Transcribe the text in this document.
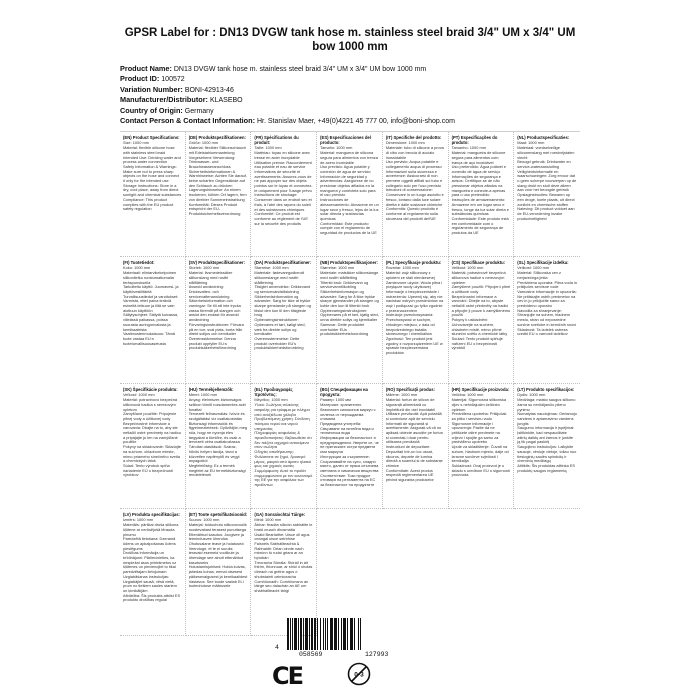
GPSR Label for : DN13 DVGW tank hose m. stainless steel braid 3/4" UM x 3/4" UM bow 1000 mm
Product Name: DN13 DVGW tank hose m. stainless steel braid 3/4" UM x 3/4" UM bow 1000 mm
Product ID: 100572
Variation Number: BONI-42913-46
Manufacturer/Distributor: KLASEBO
Country of Origin: Germany
Contact Person & Contact Information: Hr. Stanislav Maer, +49(0)4221 45 777 00, info@boni-shop.com
(EN) Product Specifications:
Size: 1000 mm
Material: flexible silicone hose with stainless steel braid
Intended Use: Drinking water and process water connection
Safety Information & Warnings: Make sure not to press sharp objects on the hose and connect it only for the intended use
Storage Instructions: Store in a dry, cool place, away from direct sunlight and chemical substances
Compliance: This product complies with the EU product safety regulation
(DE) Produktspezifikationen:
Größe: 1000 mm
Material: flexibler Silikonschlauch mit Edelstahlummantelung
Vorgesehene Verwendung: Trinkwasser- und Brauchwasseranschluss
Sicherheitsinformationen & Warnhinweise: Achten Sie darauf, keine scharfen Gegenstände auf den Schlauch zu drücken
Lagerungshinweise: An einem trockenen, kühlen Ort lagern, fern von direkter Sonneneinstrahlung
Konformität: Dieses Produkt entspricht der EU-Produktsicherheitsverordnung
(FR) Spécifications du produit:
Taille: 1000 mm
Matériau: tuyau en silicone avec tresse en acier inoxydable
Utilisation prévue: Raccordement eau potable et eau de service
Informations de sécurité et avertissements: Assurez-vous de ne pas appuyer sur des objets pointus sur le tuyau et connectez-le uniquement pour l'usage prévu
Instructions de stockage: Conserver dans un endroit sec et frais, à l'abri des rayons du soleil et des substances chimiques
Conformité: Ce produit est conforme au règlement de l'UE sur la sécurité des produits
(ES) Especificaciones del producto:
Tamaño: 1000 mm
Material: manguera de silicona segura para alimentos con trenza de acero inoxidable
Uso previsto: Agua potable y conexión de agua de servicio
Información de seguridad y advertencias: Asegúrese de no presionar objetos afilados en la manguera y conéctela solo para el uso previsto
Instrucciones de almacenamiento: Almacene en un lugar seco y fresco, lejos de la luz solar directa y sustancias químicas
Conformidad: Este producto cumple con el reglamento de seguridad de productos de la UE
(IT) Specifiche del prodotto:
Dimensione: 1000 mm
Materiale: tubo di silicone a prova di cibo con treccia di acciaio inossidabile
Uso previsto: Acqua potabile e collegamento acqua di processo
Informazioni sulla sicurezza e avvertenze: Assicurarsi di non premere oggetti affilati sul tubo e collegarlo solo per l'uso previsto
Istruzioni di conservazione: Conservare in un luogo asciutto e fresco, lontano dalla luce solare diretta e dalle sostanze chimiche
Conformità: Questo prodotto è conforme al regolamento sulla sicurezza dei prodotti dell'UE
(PT) Especificações do produto:
Tamanho: 1000 mm
Material: mangueira de silicone segura para alimentos com trança de aço inoxidável
Uso pretendido: Água potável e conexão de água de serviço
Informações de segurança e avisos: Certifique-se de não pressionar objetos afiados na mangueira e conecte-a apenas para o uso pretendido
Instruções de armazenamento: Armazene em um lugar seco e fresco, longe da luz solar direta e substâncias químicas
Conformidade: Este produto está em conformidade com o regulamento de segurança de produtos da UE
(NL) Productspecificaties:
Maat: 1000 mm
Materiaal: voedselveilige siliconenslang met roestvrijstalen vlecht
Beoogd gebruik: Drinkwater en service-wateraansluiting
Veiligheidsinformatie en waarschuwingen: Zorg ervoor dat u geen scherpe voorwerpen op de slang drukt en sluit deze alleen aan voor het beoogde gebruik
Opslaginstructies: Bewaren op een droge, koele plaats, uit direct zonlicht en chemische stoffen
Naleving: Dit product voldoet aan de EU-verordening inzake productveiligheid
(FI) Tuotetiedot:
Koko: 1000 mm
Materiaali: elintarvikekelpoinen silikoniletku ruostumattomalla teräspunoksella
Tarkoitettu käyttö: Juomavesi- ja käyttövesiliitäntä
Turvallisuustiedot ja varoitukset: Varmista, ettet paina teräviä esineitä letkuun ja liitä se vain aiottuun käyttöön
Säilytysohjeet: Säilytä kuivassa, viileässä paikassa, poissa suorasta auringonvalosta ja kemikaaleista
Vaatimustenmukaisuus: Tämä tuote vastaa EU:n tuoteturvallisuusasetusta
(SV) Produktspecifikationer:
Storlek: 1000 mm
Material: livsmedelssäker silikonslang med rostfri stålflätning
Avsedd användning: Dricksvatten- och servicevattenanslutning
Säkerhetsinformation och varningar: Se till att inte trycka vassa föremål på slangen och anslut den endast för avsedd användning
Förvaringsinstruktioner: Förvara på en torr, sval plats, borta från direkt solljus och kemikalier
Överensstämmelse: Denna produkt uppfyller EU:s produktsäkerhetsförordning
(DA) Produktspecifikationer:
Størrelse: 1000 mm
Materiale: fødevaregodkendt silikoneslange med rustfri stålfletning
Tilsigtet anvendelse: Drikkevand og servicevandstilslutning
Sikkerhedsinformation og advarsler: Sørg for ikke at trykke skarpe genstande på slangen og tilslut den kun til den tilsigtede brug
Opbevaringsinstruktioner: Opbevares et tørt, køligt sted, væk fra direkte sollys og kemikalier
Overensstemmelse: Dette produkt overholder EU's produktsikkerhedsforordning
(NB) Produktspesifikasjoner:
Størrelse: 1000 mm
Materiale: matsikker silikonslange med rustfri stålfletting
Tiltenkt bruk: Drikkevann og servicevanntilkobling
Sikkerhetsinformasjon og advarsler: Sørg for å ikke trykke skarpe gjenstander på slangen og koble den kun til tiltenkt bruk
Oppbevaringsinstruksjoner: Oppbevares på et tørt, kjølig sted, unna direkte sollys og kjemikalier
Samsvar: Dette produktet overholder EUs produktsikkerhetsforordning
(PL) Specyfikacje produktu:
Rozmiar: 1000 mm
Materiał: wąż silikonowy z oplotem ze stali nierdzewnej
Zamierzone użycie: Woda pitna i przyłącze wody użytkowej
Informacje o bezpieczeństwie i ostrzeżenia: Upewnij się, aby nie naciskać ostrych przedmiotów na wąż i podłączać go tylko zgodnie z przeznaczeniem
Instrukcje przechowywania: Przechowywać w suchym, chłodnym miejscu, z dala od bezpośredniego światła słonecznego i chemikaliów
Zgodność: Ten produkt jest zgodny z rozporządzeniem UE w sprawie bezpieczeństwa produktów
(CS) Specifikace produktu:
Velikost: 1000 mm
Materiál: potravinově bezpečná silikonová hadice s nerezovým opletem
Zamýšlené použití: Připojení pitné a užitkové vody
Bezpečnostní informace a varování: Dbejte na to, abyste netlačili ostré předměty na hadici a připojte ji pouze k zamýšlenému použití
Pokyny k uskladnění: Uchovávejte na suchém, chladném místě, mimo přímé sluneční světlo a chemické látky
Soulad: Tento produkt splňuje nařízení EU o bezpečnosti výrobků
(SL) Specifikacije izdelka:
Velikost: 1000 mm
Material: Silikonska cev z nerjavečega jekla
Predvidena uporaba: Pitna voda in priključek servisne vode
Varnostne informacije in opozorila: Ne pritiskajte ostrih predmetov na cev in jo priključite samo za predvideno uporabo
Navodila za shranjevanje: Shranjujte na suhem, hladnem mestu, stran od neposredne sončne svetlobe in kemičnih snovi
Skladnost: Ta izdelek ustreza uredbi EU o varnosti izdelkov
(SK) Špecifikácie produktu:
Veľkosť: 1000 mm
Materiál: potravinovo bezpečná silikónová hadica s nerezovým opletom
Zamýšľané použitie: Pripojenie pitnej vody a úžitkovej vody
Bezpečnostné informácie a varovania: Dbajte na to, aby ste netlačili ostré predmety na hadicu a pripájajte ju len na zamýšľané použitie
Pokyny na skladovanie: Skladujte na suchom, chladnom mieste, mimo priameho slnečného svetla a chemických látok
Súlad: Tento výrobok spĺňa nariadenie EÚ o bezpečnosti výrobkov
(HU) Termékjellemzők:
Méret: 1000 mm
Anyag: élelmiszer-biztonságos szilikon tömlő rozsdamentes acél fonattal
Tervezett felhasználás: Ivóvíz és szolgáltatási víz csatlakoztatás
Biztonsági információk és figyelmeztetések: Győződjön meg róla, hogy ne nyomja éles tárgyakat a tömlőre, és csak a tervezett célra csatlakoztassa
Tárolási utasítások: Száraz, hűvös helyen tárolja, távol a közvetlen napfénytől és vegyi anyagoktól
Megfelelőség: Ez a termék megfelel az EU termékbiztonsági rendeletének
(EL) Προδιαγραφές προϊόντος:
Μέγεθος: 1000 mm
Υλικό: Σωλήνας σιλικόνης ασφαλής για τρόφιμα με πλέγμα από ανοξείδωτο χάλυβα
Προβλεπόμενη χρήση: Σύνδεση πόσιμου νερού και νερού υπηρεσίας
Πληροφορίες ασφαλείας & προειδοποιήσεις: Βεβαιωθείτε ότι δεν πιέζετε αιχμηρά αντικείμενα στον σωλήνα
Οδηγίες αποθήκευσης: Φυλάσσετε σε ξηρό, δροσερό μέρος, μακριά από άμεσο ηλιακό φως και χημικές ουσίες
Συμμόρφωση: Αυτό το προϊόν συμμορφώνεται με τον κανονισμό της ΕΕ για την ασφάλεια των προϊόντων
(BG) Спецификации на продукта:
Размер: 1000 мм
Материал: хранително безопасен силиконов маркуч с оплетка от неръждаема стомана
Предвидена употреба: Свързване на питейна вода и техническа вода
Информация за безопасност и предупреждения: Уверете се, че не притискате остри предмети към маркуча
Инструкции за съхранение: Съхранявайте на сухо, хладно място, далеч от пряка слънчева светлина и химически вещества
Съответствие: Този продукт отговаря на регламента на ЕС за безопасност на продуктите
(RO) Specificații produs:
Mărime: 1000 mm
Material: furtun de silicon de siguranță alimentară cu împletitură din oțel inoxidabil
Utilizare prevăzută: Apă potabilă și conexiune apă de serviciu
Informații de siguranță și avertismente: Asigurați-vă că nu apăsați obiecte ascuțite pe furtun și conectați-l doar pentru utilizarea prevăzută
Instrucțiuni de depozitare: Depozitați într-un loc uscat, răcoros, departe de lumina directă a soarelui și de substanțe chimice
Conformitate: Acest produs respectă reglementarea UE privind siguranța produselor
(HR) Specifikacije proizvoda:
Veličina: 1000 mm
Materijal: Sigurnosna silikonska cijev s nehrđajućim čeličnim opletom
Predviđena upotreba: Priključak za pitku i servisnu vodu
Sigurnosne informacije i upozorenja: Pazite da ne pritišćete oštre predmete na crijevo i spojite ga samo za predviđenu upotrebu
Upute za skladištenje: Čuvati na suhom, hladnom mjestu, dalje od izravne sunčeve svjetlosti i kemikalija
Sukladnost: Ovaj proizvod je u skladu s uredbom EU o sigurnosti proizvoda
(LT) Produkto specifikacijos:
Dydis: 1000 mm
Medžiaga: maisto saugus silikono žarna su nerūdijančio plieno pynimu
Numatytas naudojimas: Geriamojo vandens ir aptarnavimo vandens jungtis
Saugumo informacija ir įspėjimai: Įsitikinkite, kad nespaudžiate aštrių daiktų ant žarnos ir junkite ją tik pagal paskirtį
Saugojimo instrukcijos: Laikykite sausoje, vėsioje vietoje, toliau nuo tiesioginių saulės spindulių ir cheminių medžiagų
Atitiktis: Šis produktas atitinka ES produktų saugos reglamentą
(LV) Produkta specifikācijas:
Izmērs: 1000 mm
Materiāls: pārtikai droša silikona šļūtene ar nerūsējošā tērauda pinumu
Paredzētā lietošana: Dzeramā ūdens un apkalpošanas ūdens pieslēgums
Drošības informācija un brīdinājumi: Pārliecinieties, ka nespiežat asus priekšmetus uz šļūtenes un pievienojiet to tikai paredzētajam lietojumam
Uzglabāšanas instrukcijas: Uzglabājiet sausā, vēsā vietā, prom no tiešiem saules stariem un ķimikālijām
Atbilstība: Šis produkts atbilst ES produktu drošības regulai
(ET) Toote spetsifikatsioonid:
Suurus: 1000 mm
Materjal: toiduohutu silikoonvoolik roostevabast terasest punutisega
Ettenähtud kasutus: Joogivee ja teenindusvee ühendus
Ohutusalane teave ja hoiatused: Veenduge, et te ei suruks teravaid esemeid voolikule ja ühendage see ainult ettenähtud kasutuseks
Hoiustamisjuhised: Hoida kuivas, jahedas kohas, eemal otsesest päikesevalgusest ja kemikaalidest
Vastavus: See toode vastab ELi tooteohutuse määrusele
(GA) Sonraíochtaí Táirge:
Méid: 1000 mm
Ábhar: feadán silicóin sábháilte le braid cruach dhosmálta
Úsáid Beartaithe: Uisce óil agus ceangal uisce seirbhíse
Faisnéis Sábháilteachta & Rabhaidh: Déan cinnte nach mbrúnn tú rudaí géara ar an bpíobán
Treoracha Stórála: Stóráil in áit thirim, fhionnuar, ar shiúl ó sholas díreach na gréine agus ó shubstaintí ceimiceacha
Comhlíonadh: Comhlíonann an táirge seo rialachán an AE um shábháilteacht táirgí
4
058569	127993
CE	0-3
